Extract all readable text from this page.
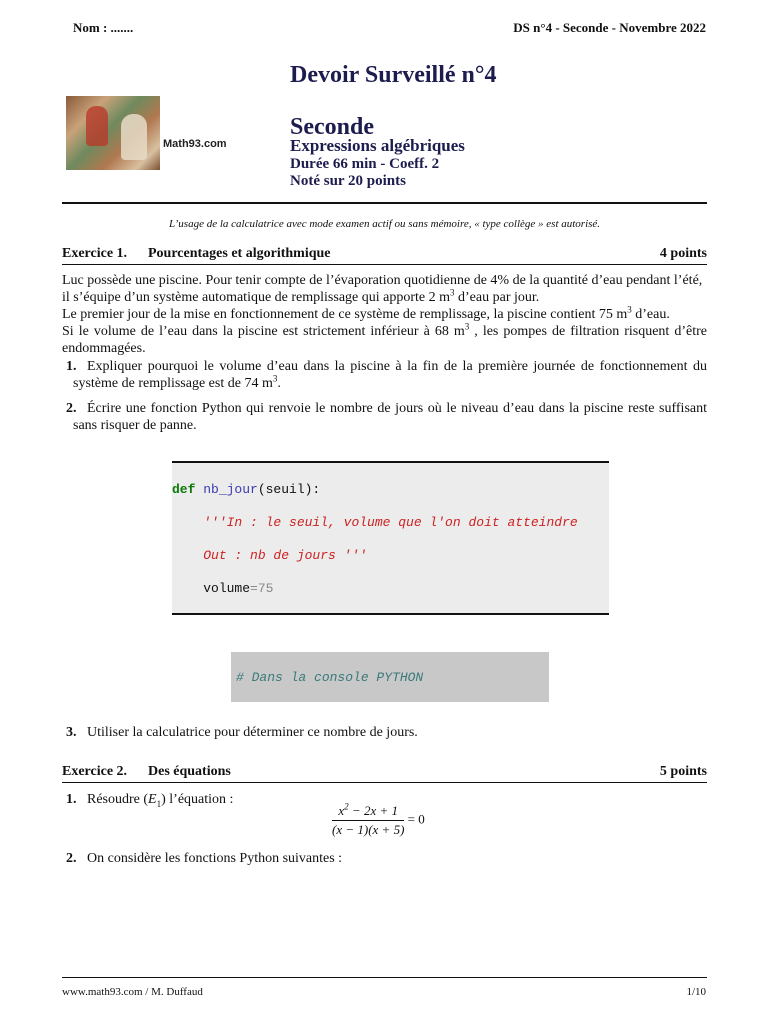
Nom : .......	DS n°4 - Seconde - Novembre 2022
Devoir Surveillé n°4
Math93.com
Seconde
Expressions algébriques
Durée 66 min - Coeff. 2
Noté sur 20 points
L’usage de la calculatrice avec mode examen actif ou sans mémoire, « type collège » est autorisé.
Exercice 1. Pourcentages et algorithmique	4 points
Luc possède une piscine. Pour tenir compte de l’évaporation quotidienne de 4% de la quantité d’eau pendant l’été,
il s’équipe d’un système automatique de remplissage qui apporte 2 $m^3$ d’eau par jour.
Le premier jour de la mise en fonctionnement de ce système de remplissage, la piscine contient 75 $m^3$ d’eau.
Si le volume de l’eau dans la piscine est strictement inférieur à 68 $m^3$ , les pompes de filtration risquent d’être endommagées.
1. Expliquer pourquoi le volume d’eau dans la piscine à la fin de la première journée de fonctionnement du système de remplissage est de 74 $m^3$.
2. Écrire une fonction Python qui renvoie le nombre de jours où le niveau d’eau dans la piscine reste suffisant sans risquer de panne.

def nb_jour(seuil):

'''In : le seuil, volume que l'on doit atteindre

Out : nb de jours '''

volume=75

# Dans la console PYTHON

3. Utiliser la calculatrice pour déterminer ce nombre de jours.
Exercice 2. Des équations	5 points
1. Résoudre $(E_1)$ l’équation :
$\frac{x^2 - 2x + 1}{(x - 1)(x + 5)} = 0$
2. On considère les fonctions Python suivantes :
www.math93.com / M. Duffaud	1/10
